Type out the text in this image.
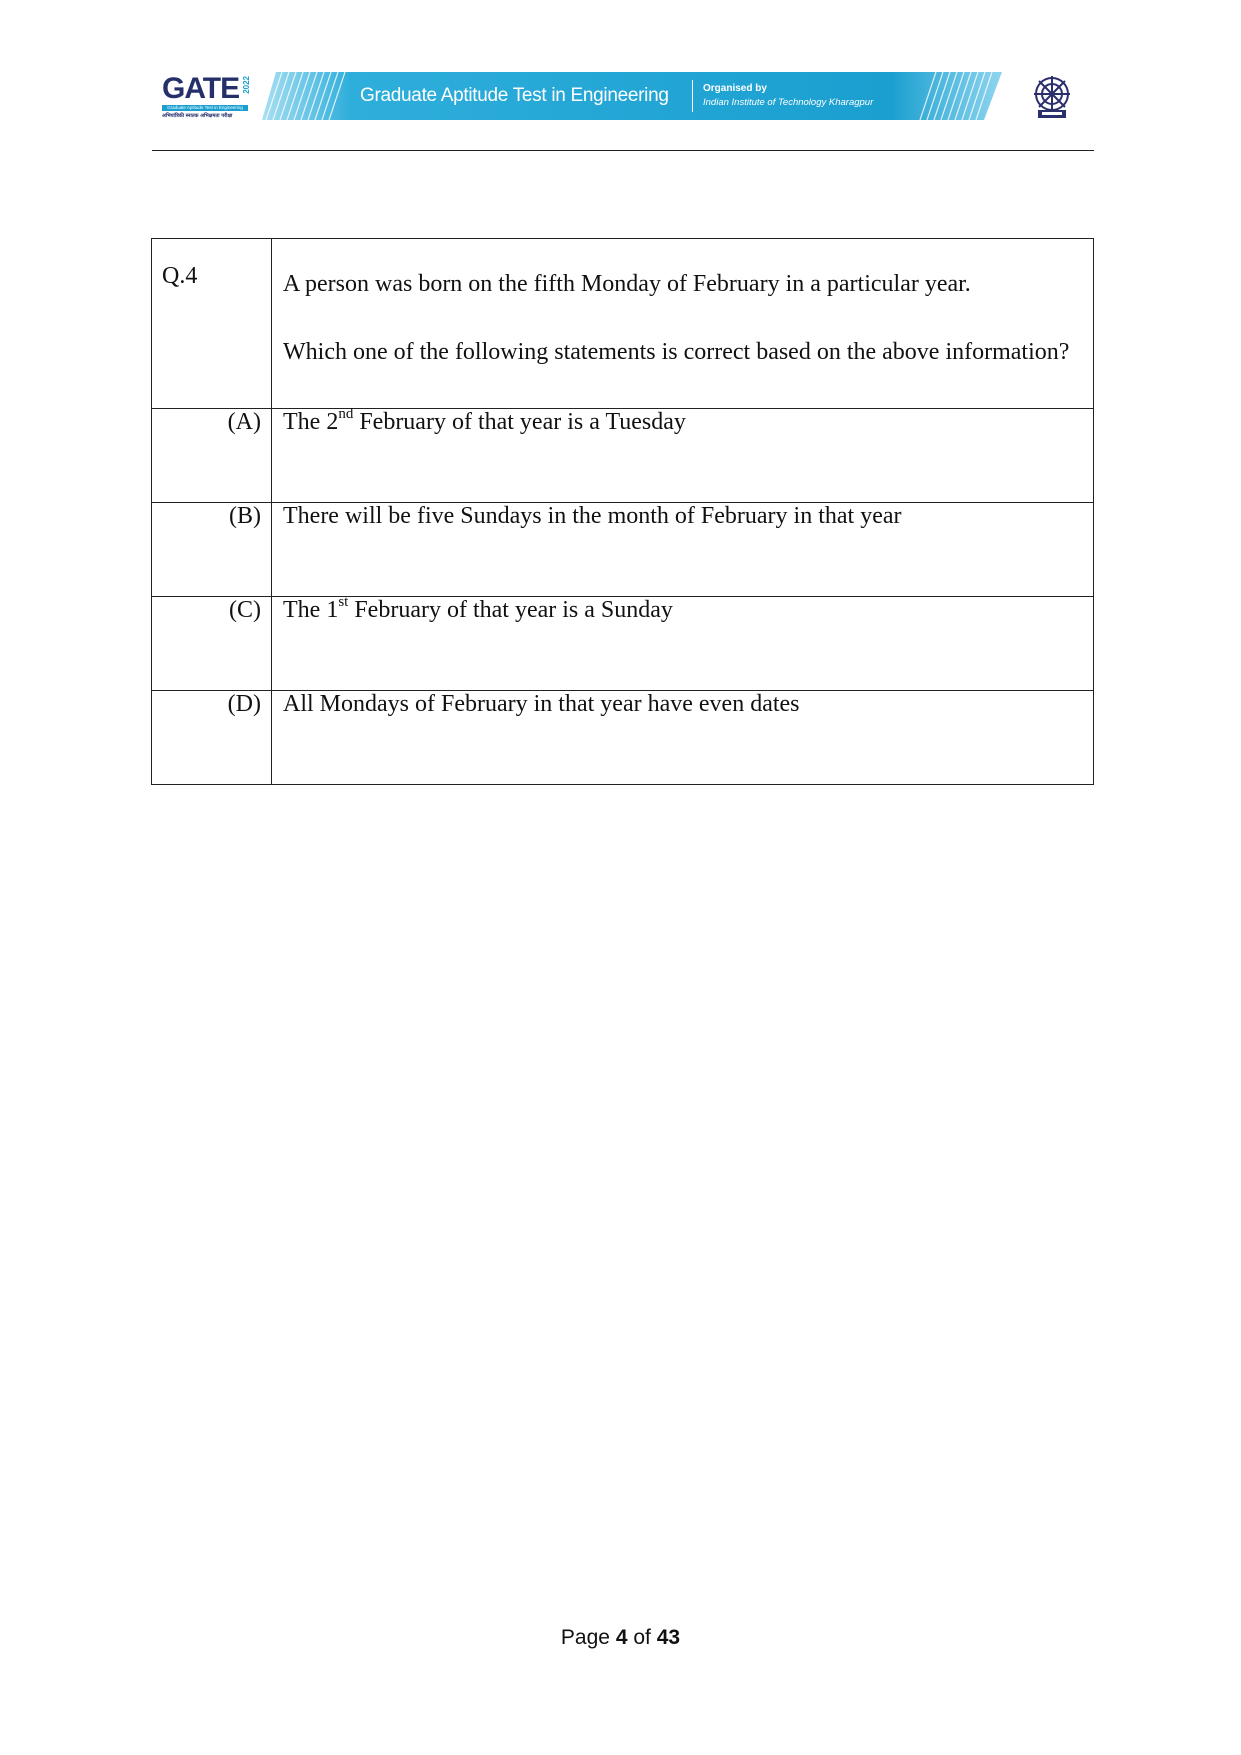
GATE 2022
Graduate Aptitude Test in Engineering
अभियांत्रिकी स्नातक अभिक्षमता परीक्षा
Graduate Aptitude Test in Engineering	Organised by
Indian Institute of Technology Kharagpur
Q.4	A person was born on the fifth Monday of February in a particular year.

Which one of the following statements is correct based on the above information?

(A)	The 2nd February of that year is a Tuesday
(B)	There will be five Sundays in the month of February in that year
(C)	The 1st February of that year is a Sunday
(D)	All Mondays of February in that year have even dates
Page 4 of 43
